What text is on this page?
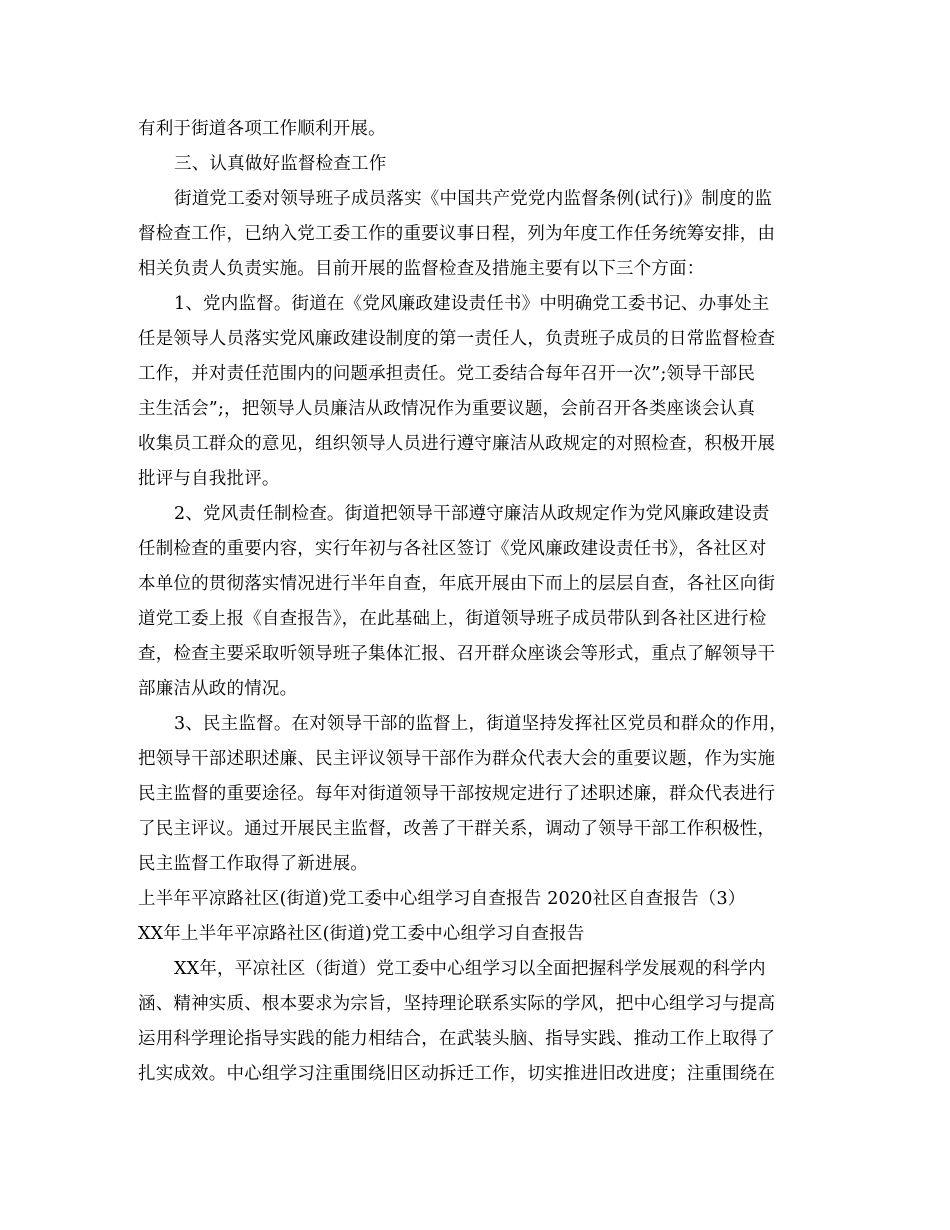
有利于街道各项工作顺利开展。
三、认真做好监督检查工作
街道党工委对领导班子成员落实《中国共产党党内监督条例(试行)》制度的监
督检查工作，已纳入党工委工作的重要议事日程，列为年度工作任务统筹安排，由
相关负责人负责实施。目前开展的监督检查及措施主要有以下三个方面：
1、党内监督。街道在《党风廉政建设责任书》中明确党工委书记、办事处主
任是领导人员落实党风廉政建设制度的第一责任人，负责班子成员的日常监督检查
工作，并对责任范围内的问题承担责任。党工委结合每年召开一次”;领导干部民
主生活会”;，把领导人员廉洁从政情况作为重要议题，会前召开各类座谈会认真
收集员工群众的意见，组织领导人员进行遵守廉洁从政规定的对照检查，积极开展
批评与自我批评。
2、党风责任制检查。街道把领导干部遵守廉洁从政规定作为党风廉政建设责
任制检查的重要内容，实行年初与各社区签订《党风廉政建设责任书》，各社区对
本单位的贯彻落实情况进行半年自查，年底开展由下而上的层层自查，各社区向街
道党工委上报《自查报告》，在此基础上，街道领导班子成员带队到各社区进行检
查，检查主要采取听领导班子集体汇报、召开群众座谈会等形式，重点了解领导干
部廉洁从政的情况。
3、民主监督。在对领导干部的监督上，街道坚持发挥社区党员和群众的作用，
把领导干部述职述廉、民主评议领导干部作为群众代表大会的重要议题，作为实施
民主监督的重要途径。每年对街道领导干部按规定进行了述职述廉，群众代表进行
了民主评议。通过开展民主监督，改善了干群关系，调动了领导干部工作积极性，
民主监督工作取得了新进展。
上半年平凉路社区(街道)党工委中心组学习自查报告 2020社区自查报告（3）
XX年上半年平凉路社区(街道)党工委中心组学习自查报告
XX年，平凉社区（街道）党工委中心组学习以全面把握科学发展观的科学内
涵、精神实质、根本要求为宗旨，坚持理论联系实际的学风，把中心组学习与提高
运用科学理论指导实践的能力相结合，在武装头脑、指导实践、推动工作上取得了
扎实成效。中心组学习注重围绕旧区动拆迁工作，切实推进旧改进度；注重围绕在
